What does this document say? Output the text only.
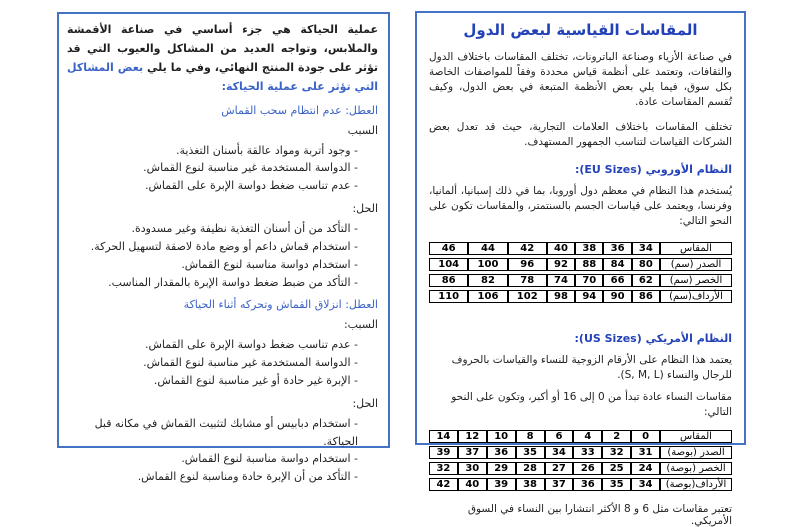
عملية الحياكة هي جزء أساسي في صناعة الأقمشة والملابس، وتواجه العديد من المشاكل والعيوب التي قد تؤثر على جودة المنتج النهائي، وفي ما يلي بعض المشاكل التي تؤثر على عملية الحياكة:

العطل: عدم انتظام سحب القماش

السبب

- وجود أتربة ومواد عالقة بأسنان التغذية.
- الدواسة المستخدمة غير مناسبة لنوع القماش.
- عدم تناسب ضغط دواسة الإبرة على القماش.

الحل:

- التأكد من أن أسنان التغذية نظيفة وغير مسدودة.
- استخدام قماش داعم أو وضع مادة لاصقة لتسهيل الحركة.
- استخدام دواسة مناسبة لنوع القماش.
- التأكد من ضبط ضغط دواسة الإبرة بالمقدار المناسب.

العطل: انزلاق القماش وتحركه أثناء الحياكة

السبب:

- عدم تناسب ضغط دواسة الإبرة على القماش.
- الدواسة المستخدمة غير مناسبة لنوع القماش.
- الإبرة غير حادة أو غير مناسبة لنوع القماش.

الحل:

- استخدام دبابيس أو مشابك لتثبيت القماش في مكانه قبل الحياكة.
- استخدام دواسة مناسبة لنوع القماش.
- التأكد من أن الإبرة حادة ومناسبة لنوع القماش.
المقاسات القياسية لبعض الدول

في صناعة الأزياء وصناعة الباترونات، تختلف المقاسات باختلاف الدول والثقافات، وتعتمد على أنظمة قياس محددة وفقاً للمواصفات الخاصة بكل سوق، فيما يلي بعض الأنظمة المتبعة في بعض الدول، وكيف تُقسم المقاسات عادة.

تختلف المقاسات باختلاف العلامات التجارية، حيث قد تعدل بعض الشركات القياسات لتناسب الجمهور المستهدف.

النظام الأوروبي (EU Sizes):

يُستخدم هذا النظام في معظم دول أوروبا، بما في ذلك إسبانيا، ألمانيا، وفرنسا، ويعتمد على قياسات الجسم بالسنتمتر، والمقاسات تكون على النحو التالي:

المقاس	34	36	38	40	42	44	46
الصدر (سم)	80	84	88	92	96	100	104
الخصر (سم)	62	66	70	74	78	82	86
الأرداف(سم)	86	90	94	98	102	106	110

النظام الأمريكي (US Sizes):

يعتمد هذا النظام على الأرقام الزوجية للنساء والقياسات بالحروف للرجال والنساء (S, M, L).

مقاسات النساء عادة تبدأ من 0 إلى 16 أو أكبر، وتكون على النحو التالي:

المقاس	0	2	4	6	8	10	12	14
الصدر (بوصة)	31	32	33	34	35	36	37	39
الخصر (بوصة)	24	25	26	27	28	29	30	32
الأرداف(بوصة)	34	35	36	37	38	39	40	42

تعتبر مقاسات مثل 6 و 8 الأكثر انتشارا بين النساء في السوق الأمريكي.
